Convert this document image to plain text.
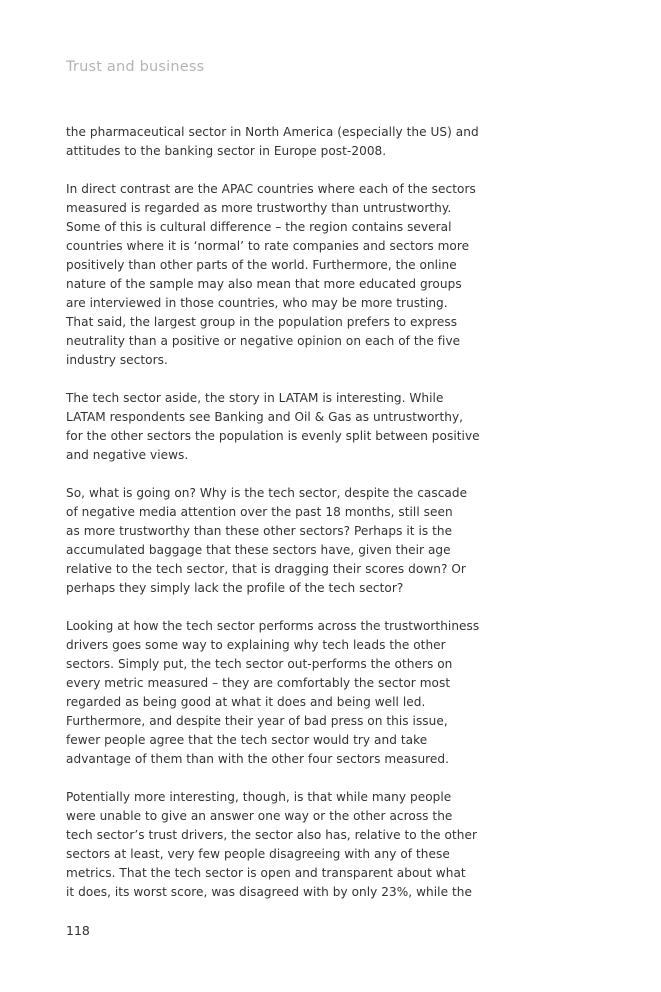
Trust and business
the pharmaceutical sector in North America (especially the US) and
attitudes to the banking sector in Europe post-2008.
In direct contrast are the APAC countries where each of the sectors
measured is regarded as more trustworthy than untrustworthy.
Some of this is cultural difference – the region contains several
countries where it is ‘normal’ to rate companies and sectors more
positively than other parts of the world. Furthermore, the online
nature of the sample may also mean that more educated groups
are interviewed in those countries, who may be more trusting.
That said, the largest group in the population prefers to express
neutrality than a positive or negative opinion on each of the five
industry sectors.
The tech sector aside, the story in LATAM is interesting. While
LATAM respondents see Banking and Oil & Gas as untrustworthy,
for the other sectors the population is evenly split between positive
and negative views.
So, what is going on? Why is the tech sector, despite the cascade
of negative media attention over the past 18 months, still seen
as more trustworthy than these other sectors? Perhaps it is the
accumulated baggage that these sectors have, given their age
relative to the tech sector, that is dragging their scores down? Or
perhaps they simply lack the profile of the tech sector?
Looking at how the tech sector performs across the trustworthiness
drivers goes some way to explaining why tech leads the other
sectors. Simply put, the tech sector out-performs the others on
every metric measured – they are comfortably the sector most
regarded as being good at what it does and being well led.
Furthermore, and despite their year of bad press on this issue,
fewer people agree that the tech sector would try and take
advantage of them than with the other four sectors measured.
Potentially more interesting, though, is that while many people
were unable to give an answer one way or the other across the
tech sector’s trust drivers, the sector also has, relative to the other
sectors at least, very few people disagreeing with any of these
metrics. That the tech sector is open and transparent about what
it does, its worst score, was disagreed with by only 23%, while the
118
